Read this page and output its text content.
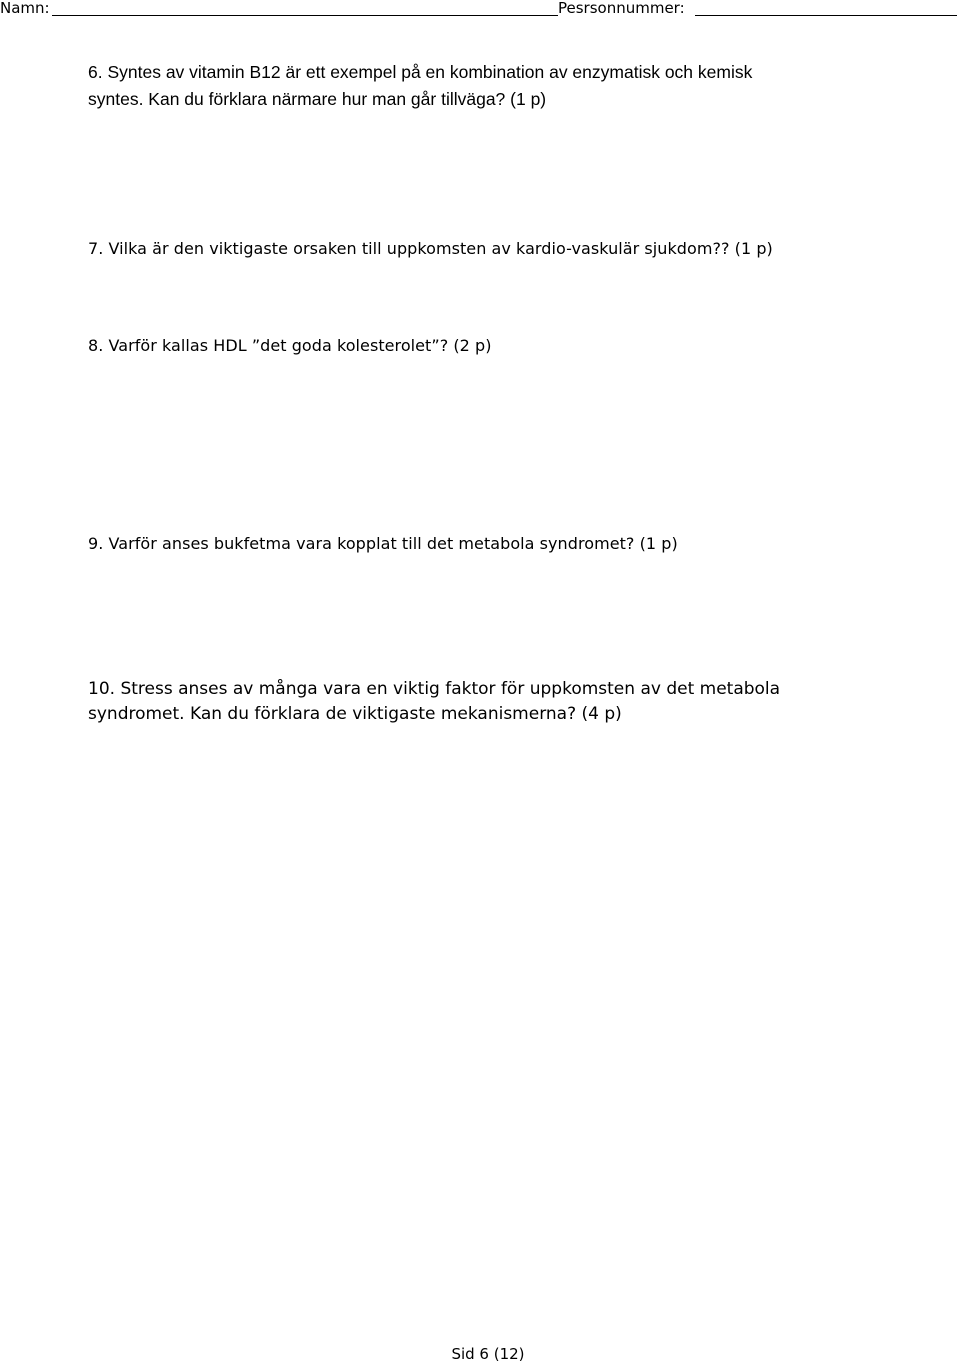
Namn:	Pesrsonnummer:
6. Syntes av vitamin B12 är ett exempel på en kombination av enzymatisk och kemisk
syntes. Kan du förklara närmare hur man går tillväga? (1 p)
7. Vilka är den viktigaste orsaken till uppkomsten av kardio-vaskulär sjukdom?? (1 p)
8. Varför kallas HDL ”det goda kolesterolet”? (2 p)
9. Varför anses bukfetma vara kopplat till det metabola syndromet? (1 p)
10. Stress anses av många vara en viktig faktor för uppkomsten av det metabola
syndromet. Kan du förklara de viktigaste mekanismerna? (4 p)
Sid 6 (12)
